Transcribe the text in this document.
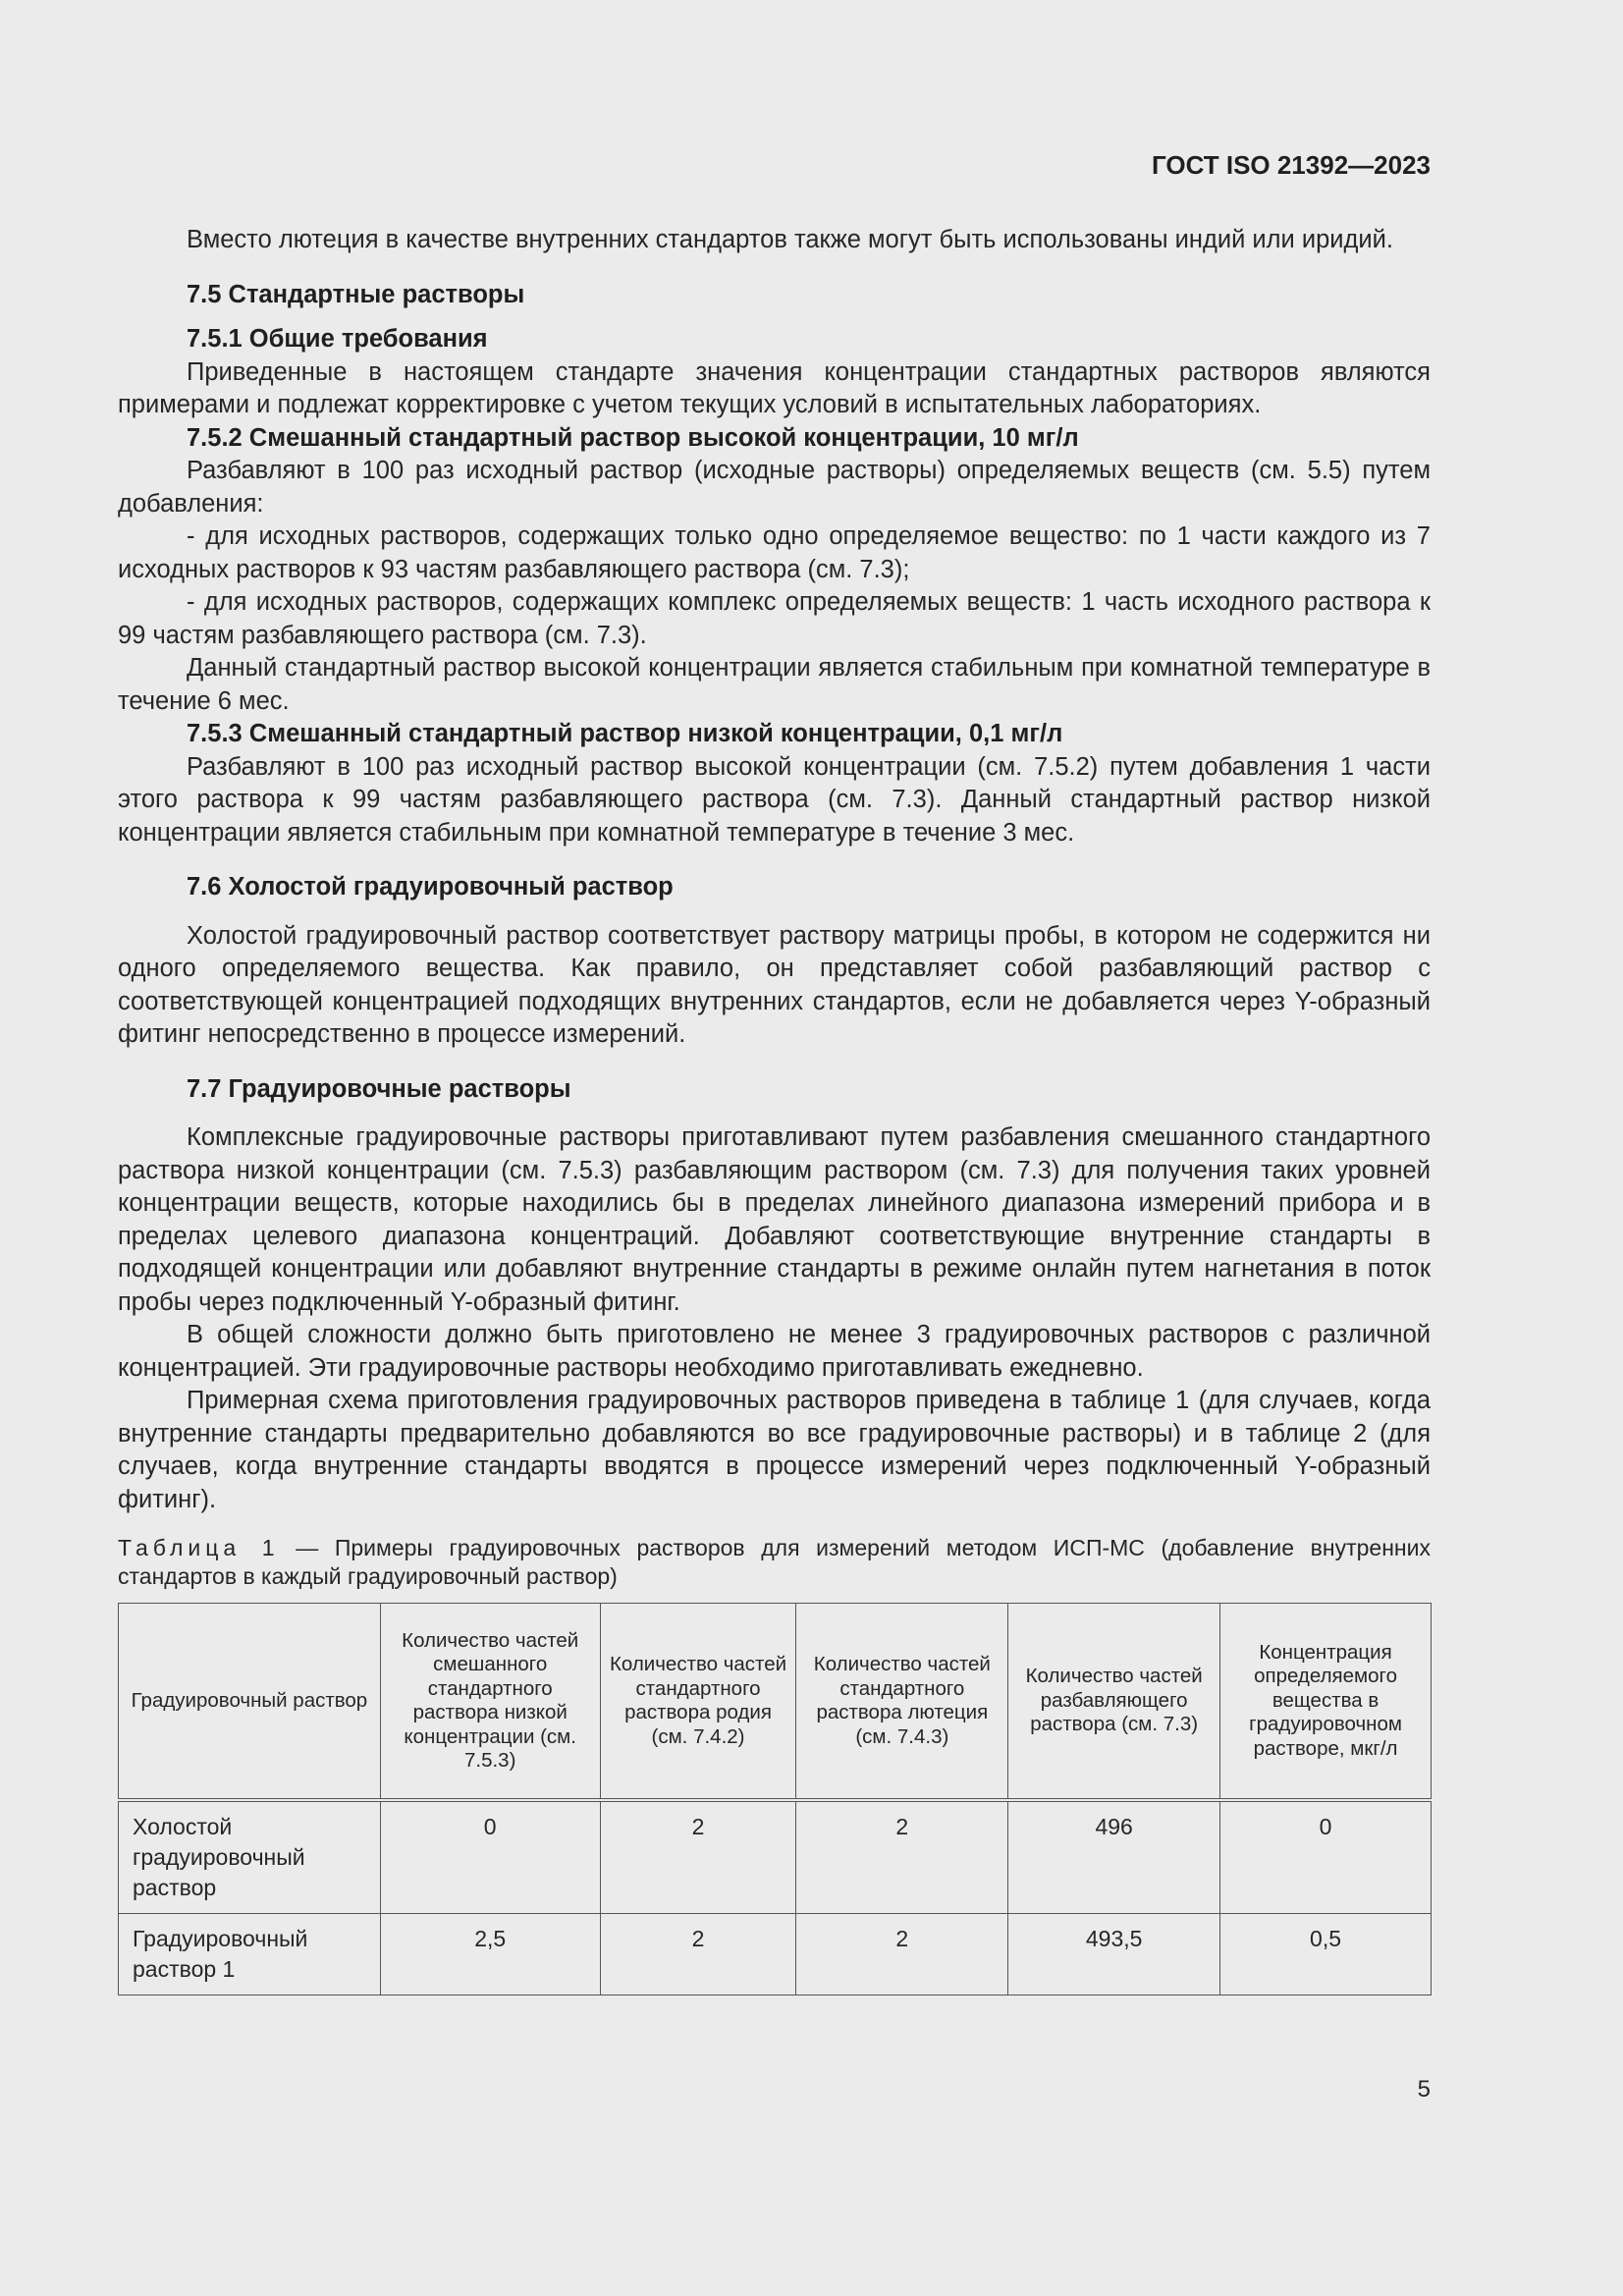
ГОСТ ISO 21392—2023

Вместо лютеция в качестве внутренних стандартов также могут быть использованы индий или иридий.

7.5 Стандартные растворы
7.5.1 Общие требования

Приведенные в настоящем стандарте значения концентрации стандартных растворов являются примерами и подлежат корректировке с учетом текущих условий в испытательных лабораториях.

7.5.2 Смешанный стандартный раствор высокой концентрации, 10 мг/л

Разбавляют в 100 раз исходный раствор (исходные растворы) определяемых веществ (см. 5.5) путем добавления:

- для исходных растворов, содержащих только одно определяемое вещество: по 1 части каждого из 7 исходных растворов к 93 частям разбавляющего раствора (см. 7.3);

- для исходных растворов, содержащих комплекс определяемых веществ: 1 часть исходного раствора к 99 частям разбавляющего раствора (см. 7.3).

Данный стандартный раствор высокой концентрации является стабильным при комнатной температуре в течение 6 мес.

7.5.3 Смешанный стандартный раствор низкой концентрации, 0,1 мг/л

Разбавляют в 100 раз исходный раствор высокой концентрации (см. 7.5.2) путем добавления 1 части этого раствора к 99 частям разбавляющего раствора (см. 7.3). Данный стандартный раствор низкой концентрации является стабильным при комнатной температуре в течение 3 мес.

7.6 Холостой градуировочный раствор

Холостой градуировочный раствор соответствует раствору матрицы пробы, в котором не содержится ни одного определяемого вещества. Как правило, он представляет собой разбавляющий раствор с соответствующей концентрацией подходящих внутренних стандартов, если не добавляется через Y-образный фитинг непосредственно в процессе измерений.

7.7 Градуировочные растворы

Комплексные градуировочные растворы приготавливают путем разбавления смешанного стандартного раствора низкой концентрации (см. 7.5.3) разбавляющим раствором (см. 7.3) для получения таких уровней концентрации веществ, которые находились бы в пределах линейного диапазона измерений прибора и в пределах целевого диапазона концентраций. Добавляют соответствующие внутренние стандарты в подходящей концентрации или добавляют внутренние стандарты в режиме онлайн путем нагнетания в поток пробы через подключенный Y-образный фитинг.

В общей сложности должно быть приготовлено не менее 3 градуировочных растворов с различной концентрацией. Эти градуировочные растворы необходимо приготавливать ежедневно.

Примерная схема приготовления градуировочных растворов приведена в таблице 1 (для случаев, когда внутренние стандарты предварительно добавляются во все градуировочные растворы) и в таблице 2 (для случаев, когда внутренние стандарты вводятся в процессе измерений через подключенный Y-образный фитинг).

Таблица 1 — Примеры градуировочных растворов для измерений методом ИСП-МС (добавление внутренних стандартов в каждый градуировочный раствор)
Градуировочный раствор	Количество частей смешанного стандартного раствора низкой концентрации (см. 7.5.3)	Количество частей стандартного раствора родия (см. 7.4.2)	Количество частей стандартного раствора лютеция (см. 7.4.3)	Количество частей разбавляющего раствора (см. 7.3)	Концентрация определяемого вещества в градуировочном растворе, мкг/л
Холостой градуировочный раствор	0	2	2	496	0
Градуировочный раствор 1	2,5	2	2	493,5	0,5
5
